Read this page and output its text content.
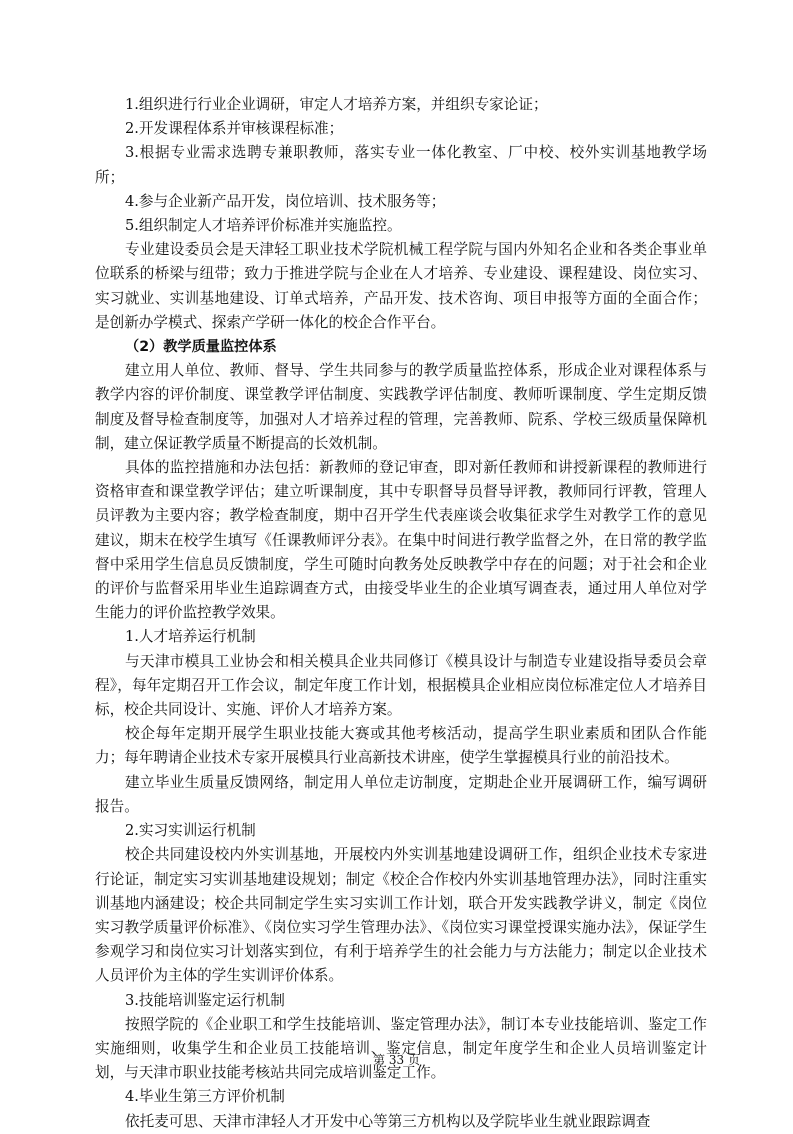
1.组织进行行业企业调研，审定人才培养方案，并组织专家论证；

2.开发课程体系并审核课程标准；

3.根据专业需求选聘专兼职教师，落实专业一体化教室、厂中校、校外实训基地教学场所；

4.参与企业新产品开发，岗位培训、技术服务等；

5.组织制定人才培养评价标准并实施监控。

专业建设委员会是天津轻工职业技术学院机械工程学院与国内外知名企业和各类企事业单位联系的桥梁与纽带；致力于推进学院与企业在人才培养、专业建设、课程建设、岗位实习、实习就业、实训基地建设、订单式培养，产品开发、技术咨询、项目申报等方面的全面合作；是创新办学模式、探索产学研一体化的校企合作平台。

（2）教学质量监控体系

建立用人单位、教师、督导、学生共同参与的教学质量监控体系，形成企业对课程体系与教学内容的评价制度、课堂教学评估制度、实践教学评估制度、教师听课制度、学生定期反馈制度及督导检查制度等，加强对人才培养过程的管理，完善教师、院系、学校三级质量保障机制，建立保证教学质量不断提高的长效机制。

具体的监控措施和办法包括：新教师的登记审查，即对新任教师和讲授新课程的教师进行资格审查和课堂教学评估；建立听课制度，其中专职督导员督导评教，教师同行评教，管理人员评教为主要内容；教学检查制度，期中召开学生代表座谈会收集征求学生对教学工作的意见建议，期末在校学生填写《任课教师评分表》。在集中时间进行教学监督之外，在日常的教学监督中采用学生信息员反馈制度，学生可随时向教务处反映教学中存在的问题；对于社会和企业的评价与监督采用毕业生追踪调查方式，由接受毕业生的企业填写调查表，通过用人单位对学生能力的评价监控教学效果。

1.人才培养运行机制

与天津市模具工业协会和相关模具企业共同修订《模具设计与制造专业建设指导委员会章程》，每年定期召开工作会议，制定年度工作计划，根据模具企业相应岗位标准定位人才培养目标，校企共同设计、实施、评价人才培养方案。

校企每年定期开展学生职业技能大赛或其他考核活动，提高学生职业素质和团队合作能力；每年聘请企业技术专家开展模具行业高新技术讲座，使学生掌握模具行业的前沿技术。

建立毕业生质量反馈网络，制定用人单位走访制度，定期赴企业开展调研工作，编写调研报告。

2.实习实训运行机制

校企共同建设校内外实训基地，开展校内外实训基地建设调研工作，组织企业技术专家进行论证，制定实习实训基地建设规划；制定《校企合作校内外实训基地管理办法》，同时注重实训基地内涵建设；校企共同制定学生实习实训工作计划，联合开发实践教学讲义，制定《岗位实习教学质量评价标准》、《岗位实习学生管理办法》、《岗位实习课堂授课实施办法》，保证学生参观学习和岗位实习计划落实到位，有利于培养学生的社会能力与方法能力；制定以企业技术人员评价为主体的学生实训评价体系。

3.技能培训鉴定运行机制

按照学院的《企业职工和学生技能培训、鉴定管理办法》，制订本专业技能培训、鉴定工作实施细则，收集学生和企业员工技能培训、鉴定信息，制定年度学生和企业人员培训鉴定计划，与天津市职业技能考核站共同完成培训鉴定工作。

4.毕业生第三方评价机制

依托麦可思、天津市津轻人才开发中心等第三方机构以及学院毕业生就业跟踪调查

第 33 页
